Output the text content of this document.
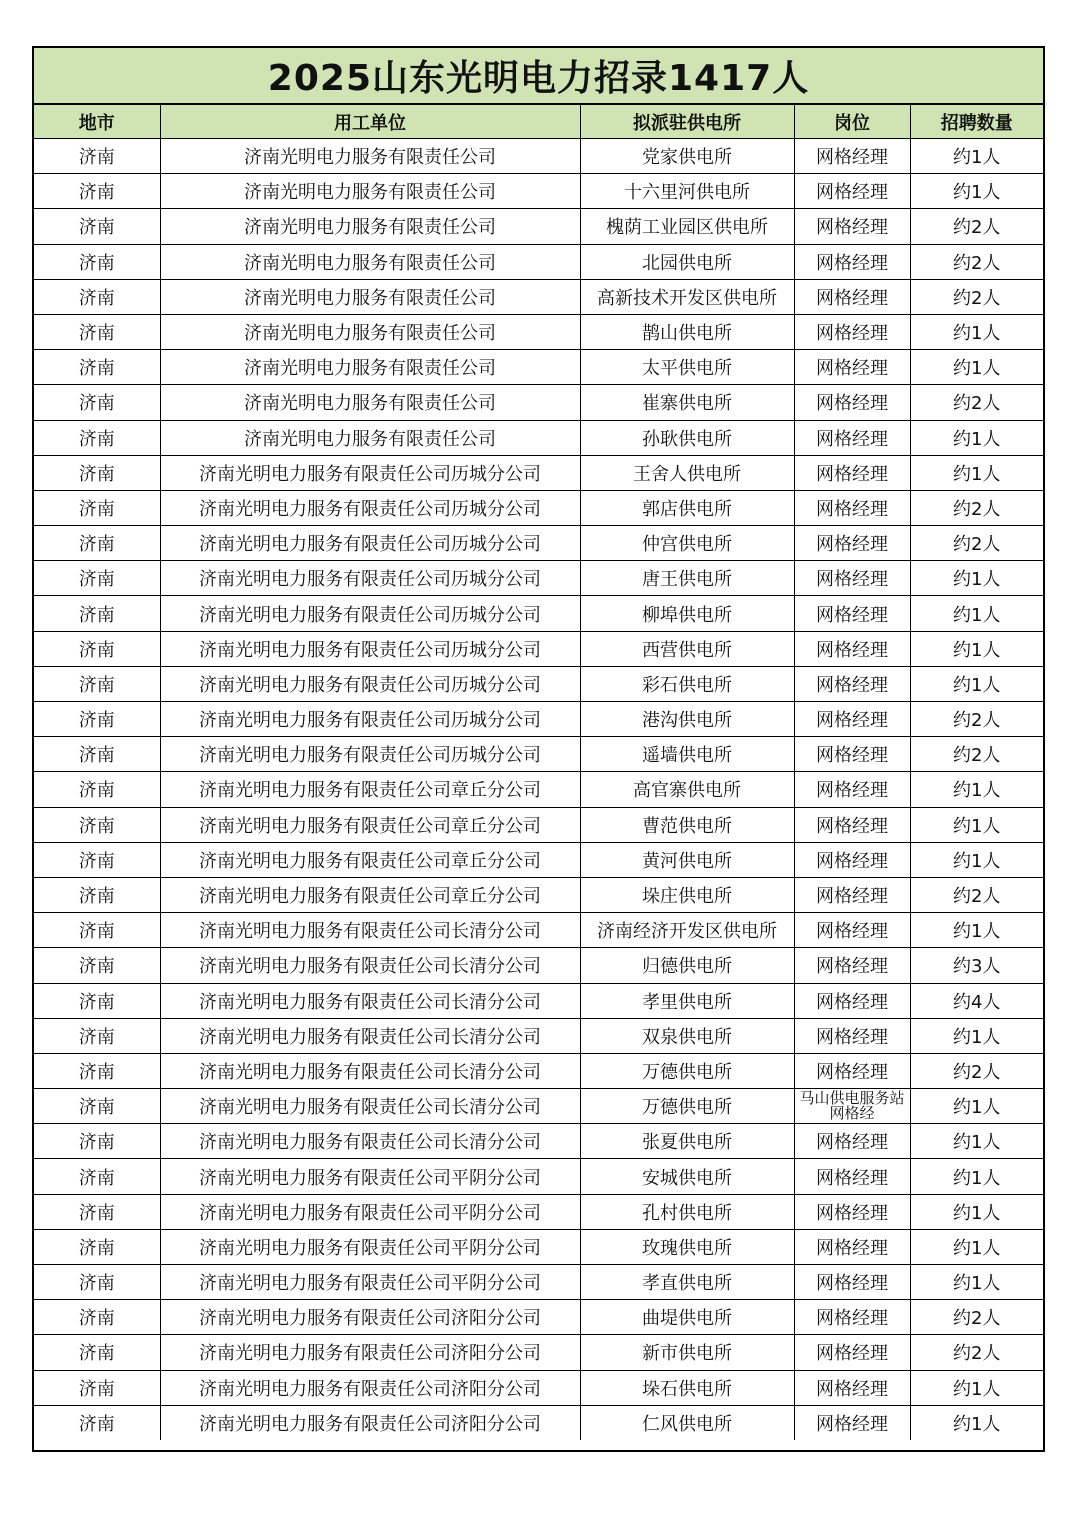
2025山东光明电力招录1417人
地市	用工单位	拟派驻供电所	岗位	招聘数量
济南	济南光明电力服务有限责任公司	党家供电所	网格经理	约1人
济南	济南光明电力服务有限责任公司	十六里河供电所	网格经理	约1人
济南	济南光明电力服务有限责任公司	槐荫工业园区供电所	网格经理	约2人
济南	济南光明电力服务有限责任公司	北园供电所	网格经理	约2人
济南	济南光明电力服务有限责任公司	高新技术开发区供电所	网格经理	约2人
济南	济南光明电力服务有限责任公司	鹊山供电所	网格经理	约1人
济南	济南光明电力服务有限责任公司	太平供电所	网格经理	约1人
济南	济南光明电力服务有限责任公司	崔寨供电所	网格经理	约2人
济南	济南光明电力服务有限责任公司	孙耿供电所	网格经理	约1人
济南	济南光明电力服务有限责任公司历城分公司	王舍人供电所	网格经理	约1人
济南	济南光明电力服务有限责任公司历城分公司	郭店供电所	网格经理	约2人
济南	济南光明电力服务有限责任公司历城分公司	仲宫供电所	网格经理	约2人
济南	济南光明电力服务有限责任公司历城分公司	唐王供电所	网格经理	约1人
济南	济南光明电力服务有限责任公司历城分公司	柳埠供电所	网格经理	约1人
济南	济南光明电力服务有限责任公司历城分公司	西营供电所	网格经理	约1人
济南	济南光明电力服务有限责任公司历城分公司	彩石供电所	网格经理	约1人
济南	济南光明电力服务有限责任公司历城分公司	港沟供电所	网格经理	约2人
济南	济南光明电力服务有限责任公司历城分公司	遥墙供电所	网格经理	约2人
济南	济南光明电力服务有限责任公司章丘分公司	高官寨供电所	网格经理	约1人
济南	济南光明电力服务有限责任公司章丘分公司	曹范供电所	网格经理	约1人
济南	济南光明电力服务有限责任公司章丘分公司	黄河供电所	网格经理	约1人
济南	济南光明电力服务有限责任公司章丘分公司	垛庄供电所	网格经理	约2人
济南	济南光明电力服务有限责任公司长清分公司	济南经济开发区供电所	网格经理	约1人
济南	济南光明电力服务有限责任公司长清分公司	归德供电所	网格经理	约3人
济南	济南光明电力服务有限责任公司长清分公司	孝里供电所	网格经理	约4人
济南	济南光明电力服务有限责任公司长清分公司	双泉供电所	网格经理	约1人
济南	济南光明电力服务有限责任公司长清分公司	万德供电所	网格经理	约2人
济南	济南光明电力服务有限责任公司长清分公司	万德供电所	马山供电服务站网格经	约1人
济南	济南光明电力服务有限责任公司长清分公司	张夏供电所	网格经理	约1人
济南	济南光明电力服务有限责任公司平阴分公司	安城供电所	网格经理	约1人
济南	济南光明电力服务有限责任公司平阴分公司	孔村供电所	网格经理	约1人
济南	济南光明电力服务有限责任公司平阴分公司	玫瑰供电所	网格经理	约1人
济南	济南光明电力服务有限责任公司平阴分公司	孝直供电所	网格经理	约1人
济南	济南光明电力服务有限责任公司济阳分公司	曲堤供电所	网格经理	约2人
济南	济南光明电力服务有限责任公司济阳分公司	新市供电所	网格经理	约2人
济南	济南光明电力服务有限责任公司济阳分公司	垛石供电所	网格经理	约1人
济南	济南光明电力服务有限责任公司济阳分公司	仁风供电所	网格经理	约1人
